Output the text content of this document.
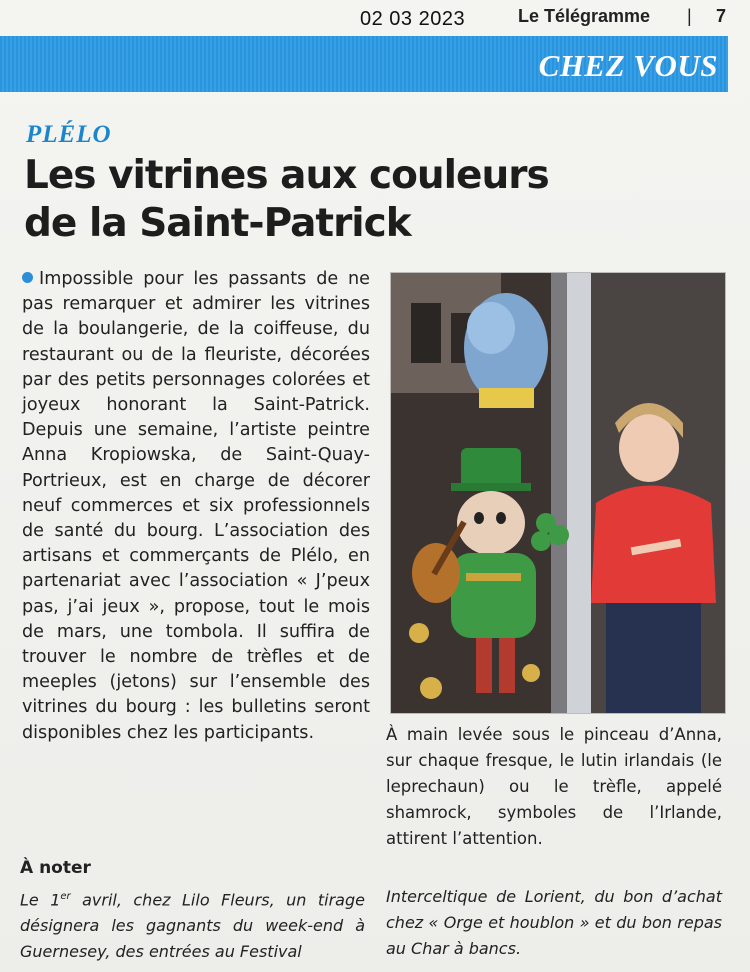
02 03 2023	Le Télégramme | 7
CHEZ VOUS
PLÉLO
Les vitrines aux couleurs
de la Saint-Patrick
Impossible pour les passants de ne pas remarquer et admirer les vitrines de la boulangerie, de la coiffeuse, du restaurant ou de la fleuriste, décorées par des petits personnages colorées et joyeux honorant la Saint-Patrick. Depuis une semaine, l’artiste peintre Anna Kropiowska, de Saint-Quay-Portrieux, est en charge de décorer neuf commerces et six professionnels de santé du bourg. L’association des artisans et commerçants de Plélo, en partenariat avec l’association « J’peux pas, j’ai jeux », propose, tout le mois de mars, une tombola. Il suffira de trouver le nombre de trèfles et de meeples (jetons) sur l’ensemble des vitrines du bourg : les bulletins seront disponibles chez les participants.	À main levée sous le pinceau d’Anna, sur chaque fresque, le lutin irlandais (le leprechaun) ou le trèfle, appelé shamrock, symboles de l’Irlande, attirent l’attention.
À noter
Le 1er avril, chez Lilo Fleurs, un tirage désignera les gagnants du week-end à Guernesey, des entrées au Festival
Interceltique de Lorient, du bon d’achat chez « Orge et houblon » et du bon repas au Char à bancs.
